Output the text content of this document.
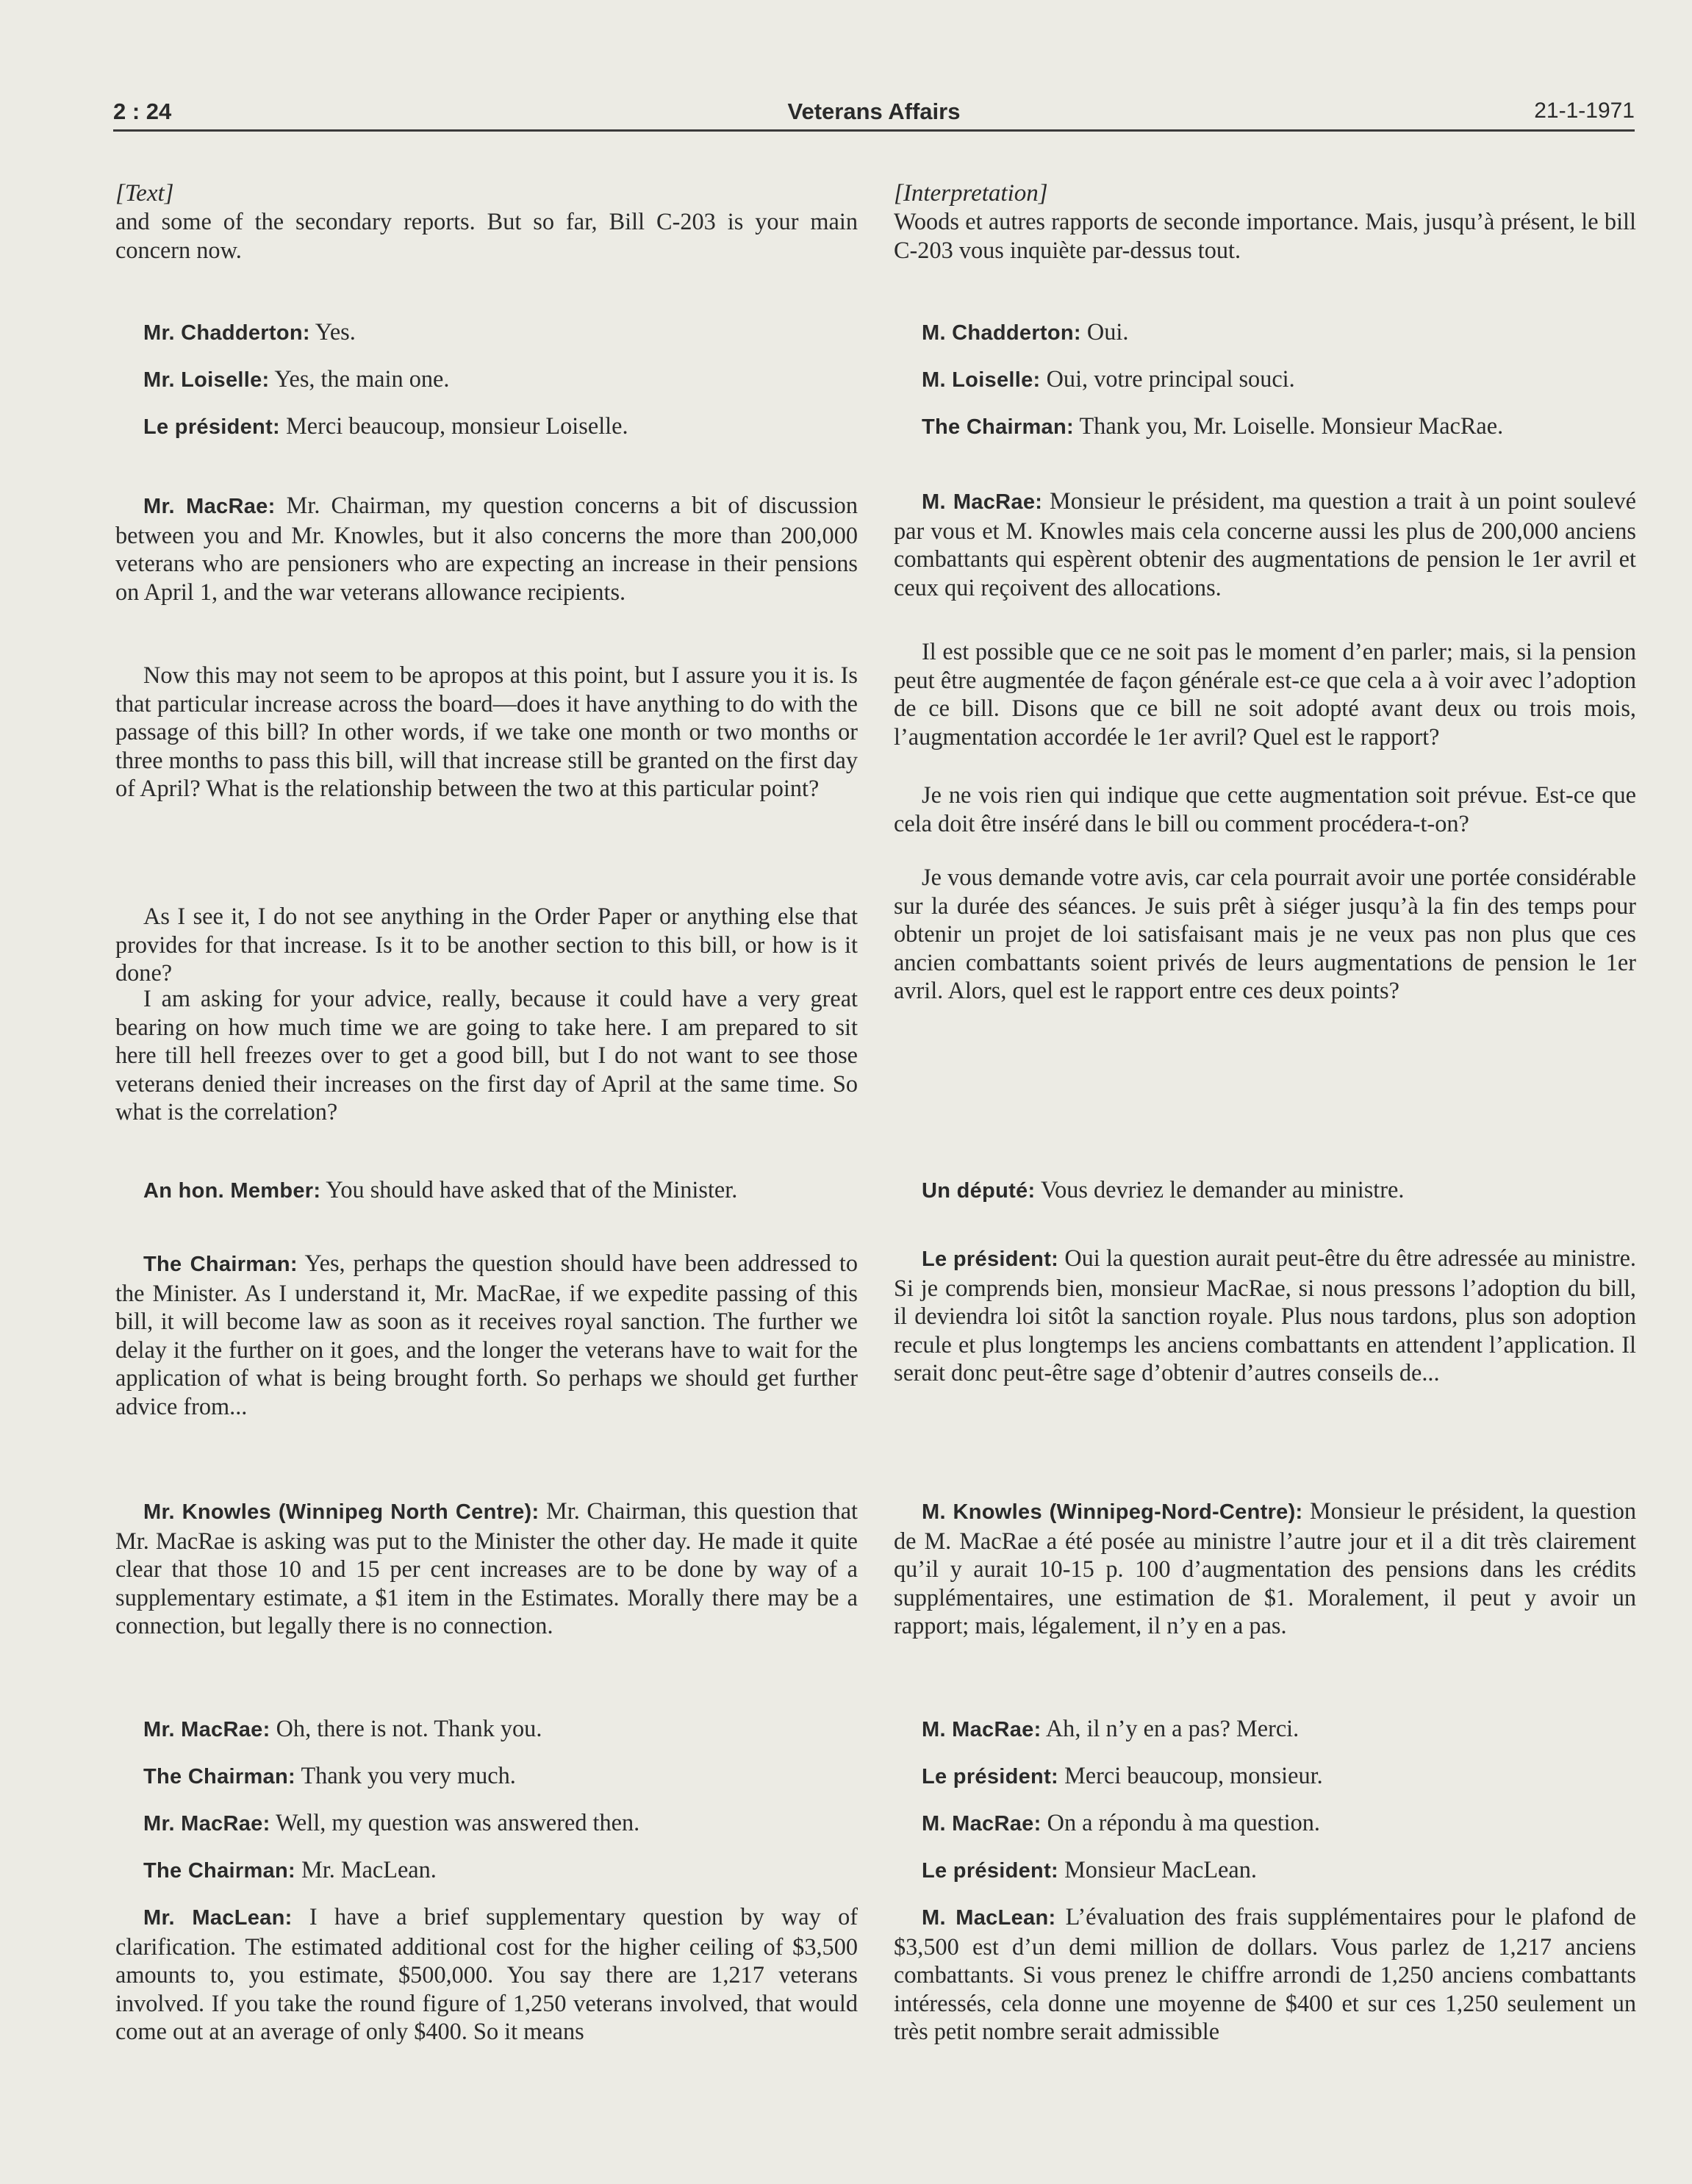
2 : 24	Veterans Affairs	21-1-1971

[Text]

and some of the secondary reports. But so far, Bill C-203 is your main concern now.

Mr. Chadderton: Yes.

Mr. Loiselle: Yes, the main one.

Le président: Merci beaucoup, monsieur Loiselle.

Mr. MacRae: Mr. Chairman, my question concerns a bit of discussion between you and Mr. Knowles, but it also concerns the more than 200,000 veterans who are pensioners who are expecting an increase in their pensions on April 1, and the war veterans allowance recipients.

Now this may not seem to be apropos at this point, but I assure you it is. Is that particular increase across the board—does it have anything to do with the passage of this bill? In other words, if we take one month or two months or three months to pass this bill, will that increase still be granted on the first day of April? What is the relationship between the two at this particular point?

As I see it, I do not see anything in the Order Paper or anything else that provides for that increase. Is it to be another section to this bill, or how is it done?

I am asking for your advice, really, because it could have a very great bearing on how much time we are going to take here. I am prepared to sit here till hell freezes over to get a good bill, but I do not want to see those veterans denied their increases on the first day of April at the same time. So what is the correlation?

An hon. Member: You should have asked that of the Minister.

The Chairman: Yes, perhaps the question should have been addressed to the Minister. As I understand it, Mr. MacRae, if we expedite passing of this bill, it will become law as soon as it receives royal sanction. The further we delay it the further on it goes, and the longer the veterans have to wait for the application of what is being brought forth. So perhaps we should get further advice from...

Mr. Knowles (Winnipeg North Centre): Mr. Chairman, this question that Mr. MacRae is asking was put to the Minister the other day. He made it quite clear that those 10 and 15 per cent increases are to be done by way of a supplementary estimate, a $1 item in the Estimates. Morally there may be a connection, but legally there is no connection.

Mr. MacRae: Oh, there is not. Thank you.

The Chairman: Thank you very much.

Mr. MacRae: Well, my question was answered then.

The Chairman: Mr. MacLean.

Mr. MacLean: I have a brief supplementary question by way of clarification. The estimated additional cost for the higher ceiling of $3,500 amounts to, you estimate, $500,000. You say there are 1,217 veterans involved. If you take the round figure of 1,250 veterans involved, that would come out at an average of only $400. So it means

[Interpretation]

Woods et autres rapports de seconde importance. Mais, jusqu’à présent, le bill C-203 vous inquiète par-dessus tout.

M. Chadderton: Oui.

M. Loiselle: Oui, votre principal souci.

The Chairman: Thank you, Mr. Loiselle. Monsieur MacRae.

M. MacRae: Monsieur le président, ma question a trait à un point soulevé par vous et M. Knowles mais cela concerne aussi les plus de 200,000 anciens combattants qui espèrent obtenir des augmentations de pension le 1er avril et ceux qui reçoivent des allocations.

Il est possible que ce ne soit pas le moment d’en parler; mais, si la pension peut être augmentée de façon générale est-ce que cela a à voir avec l’adoption de ce bill. Disons que ce bill ne soit adopté avant deux ou trois mois, l’augmentation accordée le 1er avril? Quel est le rapport?

Je ne vois rien qui indique que cette augmentation soit prévue. Est-ce que cela doit être inséré dans le bill ou comment procédera-t-on?

Je vous demande votre avis, car cela pourrait avoir une portée considérable sur la durée des séances. Je suis prêt à siéger jusqu’à la fin des temps pour obtenir un projet de loi satisfaisant mais je ne veux pas non plus que ces ancien combattants soient privés de leurs augmentations de pension le 1er avril. Alors, quel est le rapport entre ces deux points?

Un député: Vous devriez le demander au ministre.

Le président: Oui la question aurait peut-être du être adressée au ministre. Si je comprends bien, monsieur MacRae, si nous pressons l’adoption du bill, il deviendra loi sitôt la sanction royale. Plus nous tardons, plus son adoption recule et plus longtemps les anciens combattants en attendent l’application. Il serait donc peut-être sage d’obtenir d’autres conseils de...

M. Knowles (Winnipeg-Nord-Centre): Monsieur le président, la question de M. MacRae a été posée au ministre l’autre jour et il a dit très clairement qu’il y aurait 10-15 p. 100 d’augmentation des pensions dans les crédits supplémentaires, une estimation de $1. Moralement, il peut y avoir un rapport; mais, légalement, il n’y en a pas.

M. MacRae: Ah, il n’y en a pas? Merci.

Le président: Merci beaucoup, monsieur.

M. MacRae: On a répondu à ma question.

Le président: Monsieur MacLean.

M. MacLean: L’évaluation des frais supplémentaires pour le plafond de $3,500 est d’un demi million de dollars. Vous parlez de 1,217 anciens combattants. Si vous prenez le chiffre arrondi de 1,250 anciens combattants intéressés, cela donne une moyenne de $400 et sur ces 1,250 seulement un très petit nombre serait admissible
